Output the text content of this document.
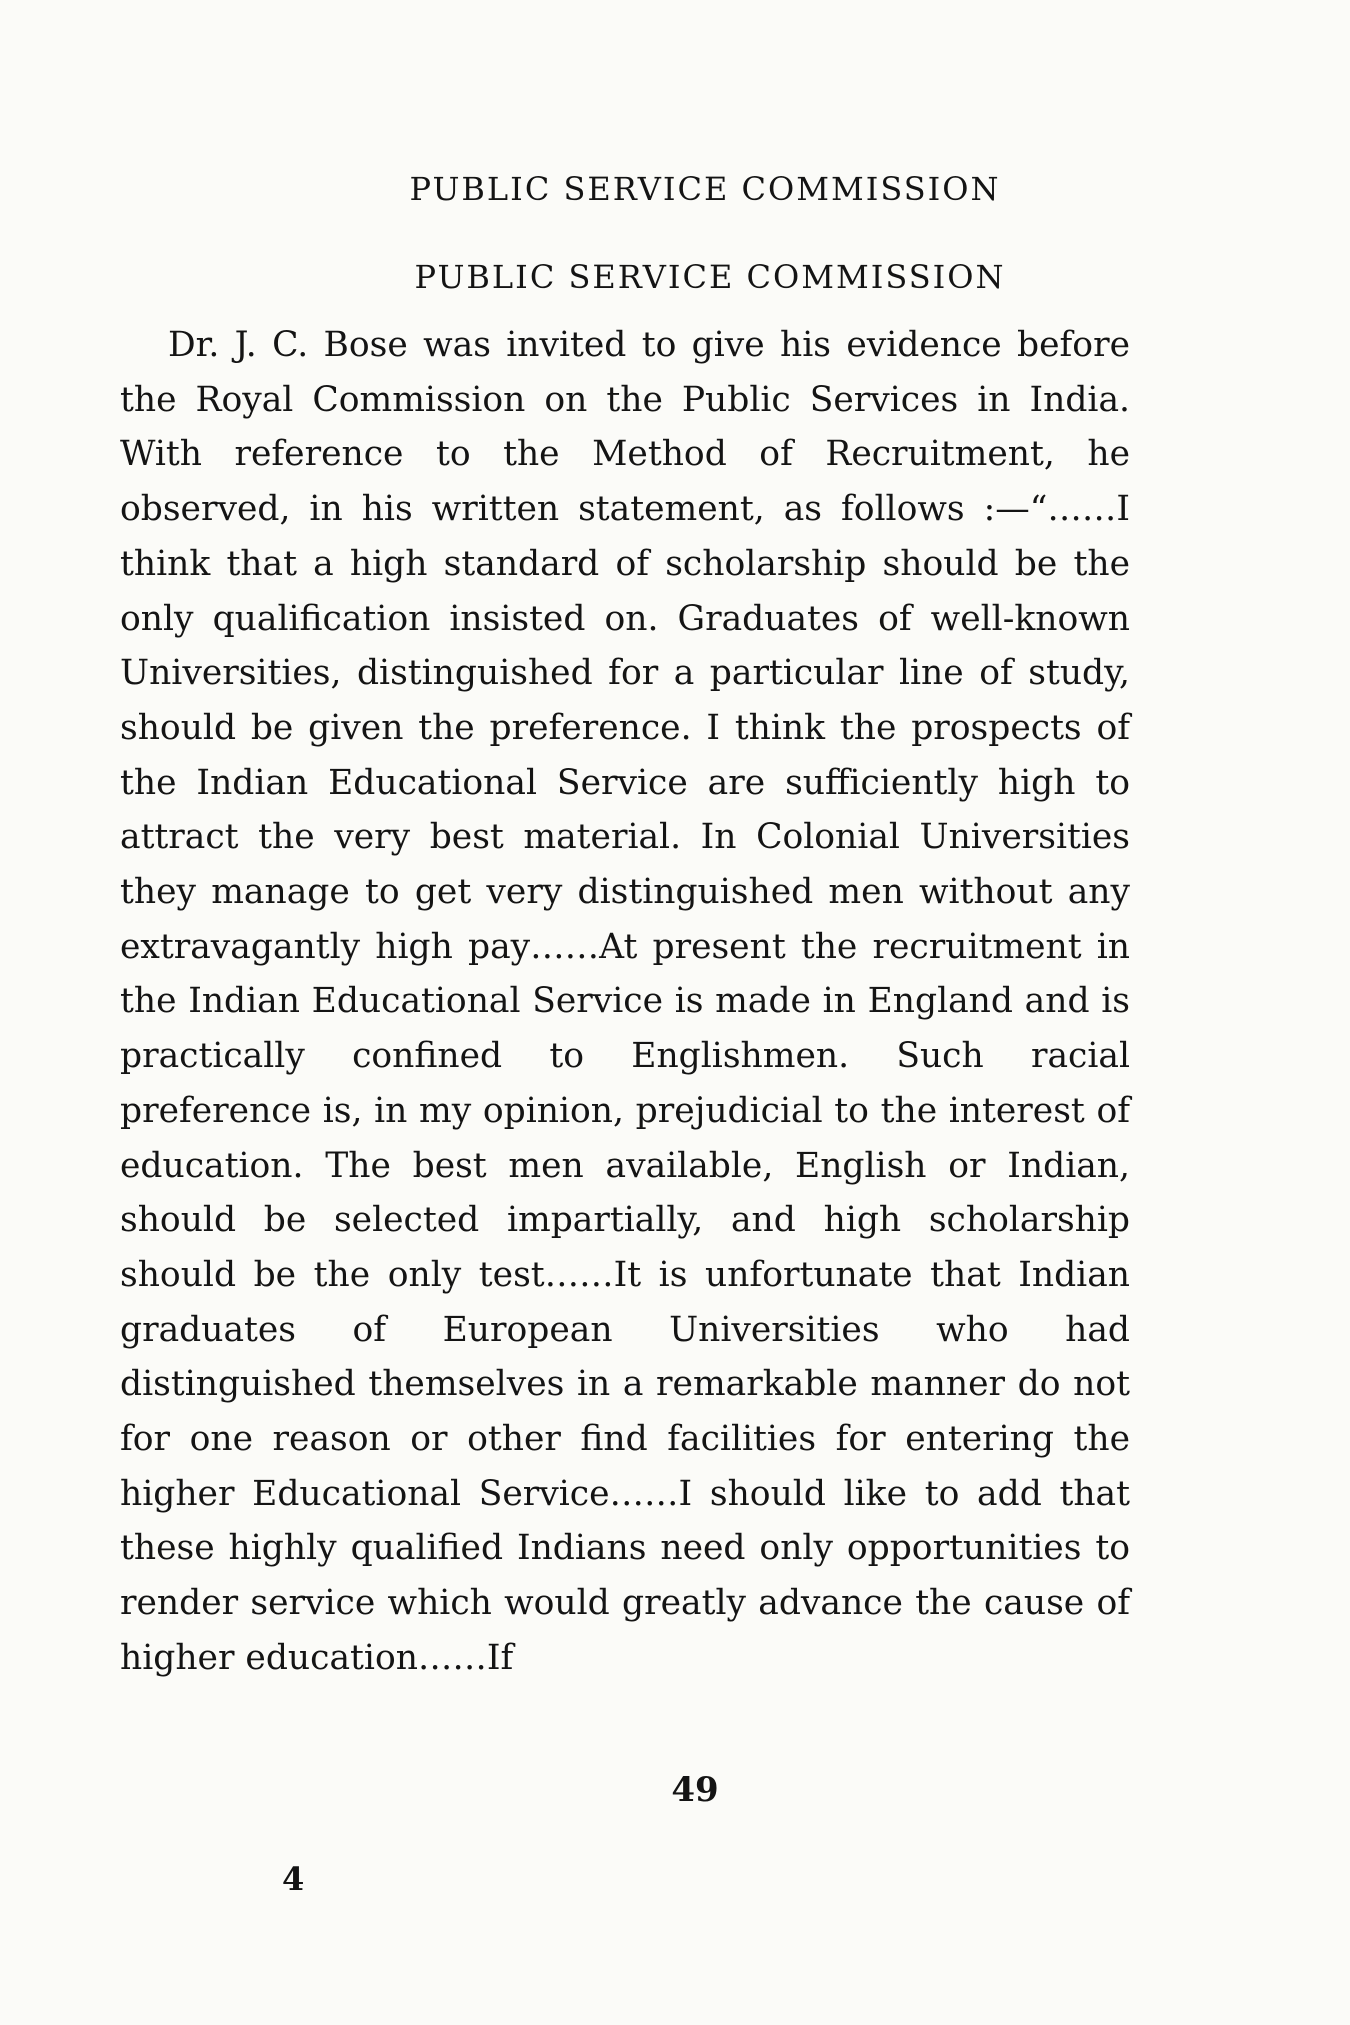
PUBLIC SERVICE COMMISSION
PUBLIC SERVICE COMMISSION

Dr. J. C. Bose was invited to give his evidence before the Royal Commission on the Public Services in India. With reference to the Method of Recruitment, he observed, in his written statement, as follows :—“……I think that a high standard of scholarship should be the only qualification insisted on. Graduates of well-known Universities, distinguished for a particular line of study, should be given the preference. I think the prospects of the Indian Educational Service are sufficiently high to attract the very best material. In Colonial Universities they manage to get very distinguished men without any extravagantly high pay……At present the recruitment in the Indian Educational Service is made in England and is practically confined to Englishmen. Such racial preference is, in my opinion, prejudicial to the interest of education. The best men available, English or Indian, should be selected impartially, and high scholarship should be the only test……It is unfortunate that Indian graduates of European Universities who had distinguished themselves in a remarkable manner do not for one reason or other find facilities for entering the higher Educational Service……I should like to add that these highly qualified Indians need only opportunities to render service which would greatly advance the cause of higher education……If

49
4
